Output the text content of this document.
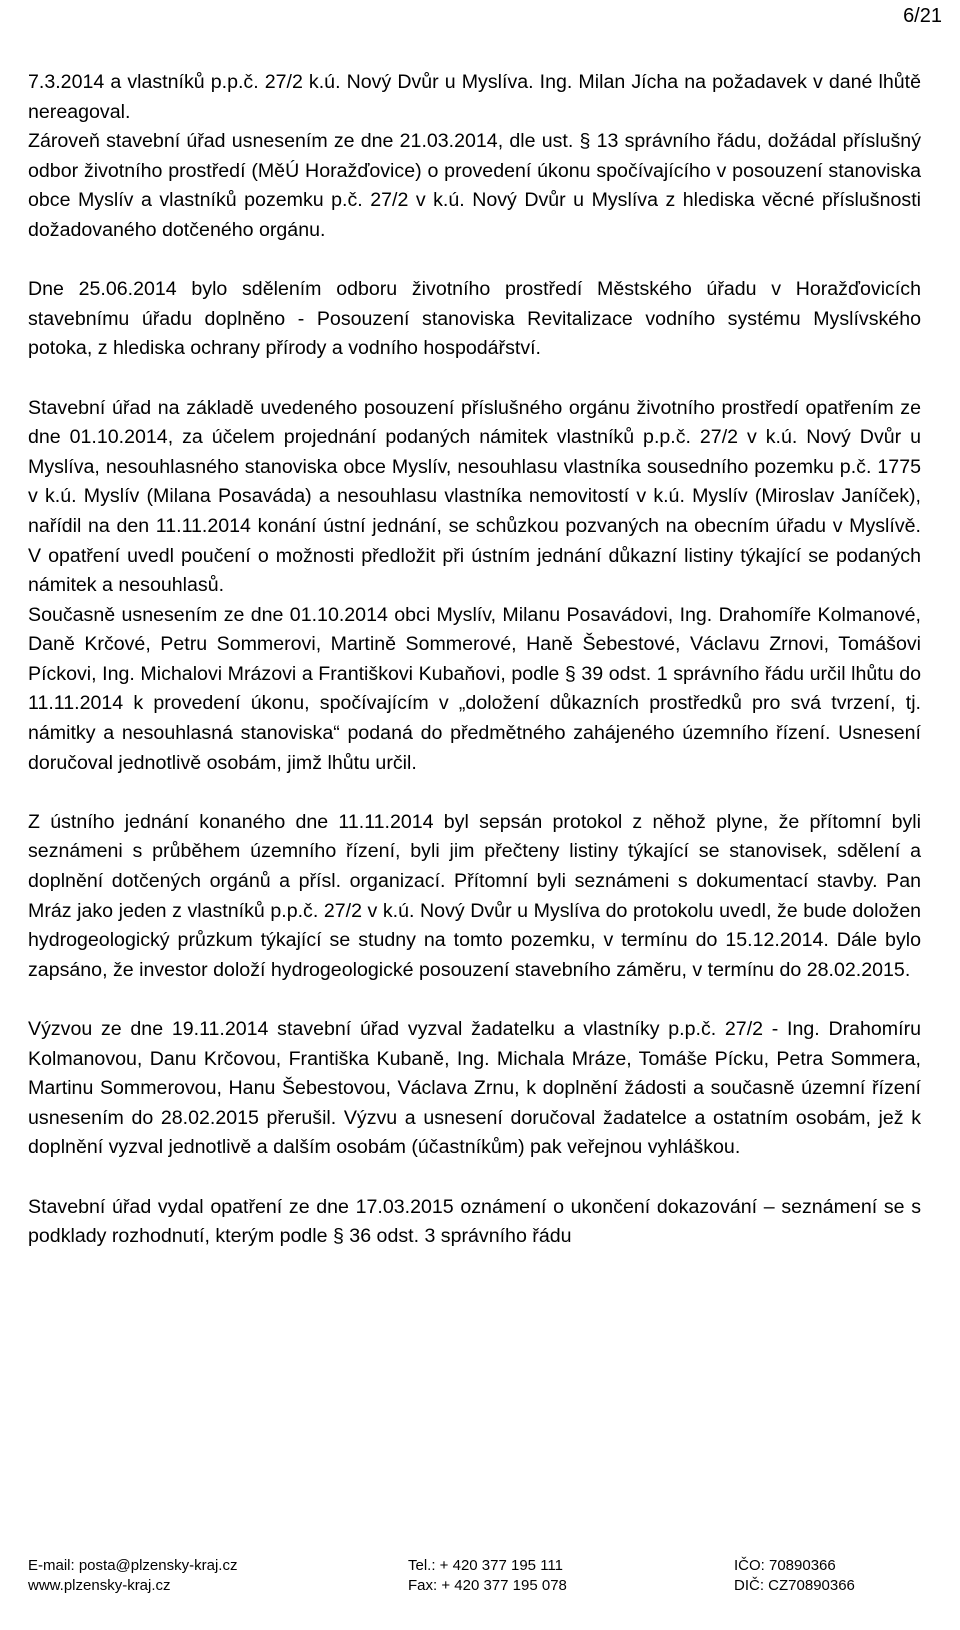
6/21

7.3.2014 a vlastníků p.p.č. 27/2 k.ú. Nový Dvůr u Myslíva. Ing. Milan Jícha na požadavek v dané lhůtě nereagoval.

Zároveň stavební úřad usnesením ze dne 21.03.2014, dle ust. § 13 správního řádu, dožádal příslušný odbor životního prostředí (MěÚ Horažďovice) o provedení úkonu spočívajícího v posouzení stanoviska obce Myslív a vlastníků pozemku p.č. 27/2 v k.ú. Nový Dvůr u Myslíva z hlediska věcné příslušnosti dožadovaného dotčeného orgánu.

Dne 25.06.2014 bylo sdělením odboru životního prostředí Městského úřadu v Horažďovicích stavebnímu úřadu doplněno - Posouzení stanoviska Revitalizace vodního systému Myslívského potoka, z hlediska ochrany přírody a vodního hospodářství.

Stavební úřad na základě uvedeného posouzení příslušného orgánu životního prostředí opatřením ze dne 01.10.2014, za účelem projednání podaných námitek vlastníků p.p.č. 27/2 v k.ú. Nový Dvůr u Myslíva, nesouhlasného stanoviska obce Myslív, nesouhlasu vlastníka sousedního pozemku p.č. 1775 v k.ú. Myslív (Milana Posaváda) a nesouhlasu vlastníka nemovitostí v k.ú. Myslív (Miroslav Janíček), nařídil na den 11.11.2014 konání ústní jednání, se schůzkou pozvaných na obecním úřadu v Myslívě. V opatření uvedl poučení o možnosti předložit při ústním jednání důkazní listiny týkající se podaných námitek a nesouhlasů.

Současně usnesením ze dne 01.10.2014 obci Myslív, Milanu Posavádovi, Ing. Drahomíře Kolmanové, Daně Krčové, Petru Sommerovi, Martině Sommerové, Haně Šebestové, Václavu Zrnovi, Tomášovi Píckovi, Ing. Michalovi Mrázovi a Františkovi Kubaňovi, podle § 39 odst. 1 správního řádu určil lhůtu do 11.11.2014 k provedení úkonu, spočívajícím v „doložení důkazních prostředků pro svá tvrzení, tj. námitky a nesouhlasná stanoviska“ podaná do předmětného zahájeného územního řízení. Usnesení doručoval jednotlivě osobám, jimž lhůtu určil.

Z ústního jednání konaného dne 11.11.2014 byl sepsán protokol z něhož plyne, že přítomní byli seznámeni s průběhem územního řízení, byli jim přečteny listiny týkající se stanovisek, sdělení a doplnění dotčených orgánů a přísl. organizací. Přítomní byli seznámeni s dokumentací stavby. Pan Mráz jako jeden z vlastníků p.p.č. 27/2 v k.ú. Nový Dvůr u Myslíva do protokolu uvedl, že bude doložen hydrogeologický průzkum týkající se studny na tomto pozemku, v termínu do 15.12.2014. Dále bylo zapsáno, že investor doloží hydrogeologické posouzení stavebního záměru, v termínu do 28.02.2015.

Výzvou ze dne 19.11.2014 stavební úřad vyzval žadatelku a vlastníky p.p.č. 27/2 - Ing. Drahomíru Kolmanovou, Danu Krčovou, Františka Kubaně, Ing. Michala Mráze, Tomáše Pícku, Petra Sommera, Martinu Sommerovou, Hanu Šebestovou, Václava Zrnu, k doplnění žádosti a současně územní řízení usnesením do 28.02.2015 přerušil. Výzvu a usnesení doručoval žadatelce a ostatním osobám, jež k doplnění vyzval jednotlivě a dalším osobám (účastníkům) pak veřejnou vyhláškou.

Stavební úřad vydal opatření ze dne 17.03.2015 oznámení o ukončení dokazování – seznámení se s podklady rozhodnutí, kterým podle § 36 odst. 3 správního řádu

E-mail: posta@plzensky-kraj.cz
www.plzensky-kraj.cz
Tel.: + 420 377 195 111
Fax: + 420 377 195 078
IČO: 70890366
DIČ: CZ70890366
